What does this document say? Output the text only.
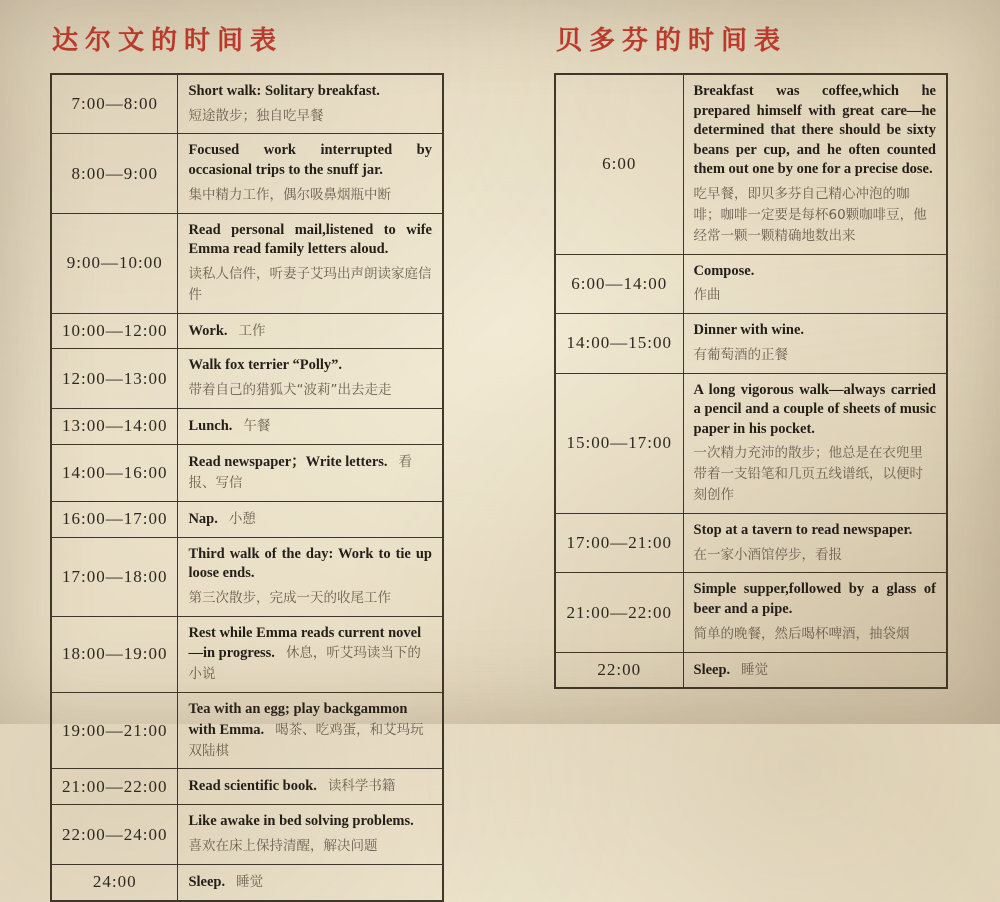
达尔文的时间表
7:00—8:00	Short walk: Solitary breakfast.
短途散步；独自吃早餐

8:00—9:00	Focused work interrupted by occasional trips to the snuff jar.
集中精力工作，偶尔吸鼻烟瓶中断

9:00—10:00	Read personal mail,listened to wife Emma read family letters aloud.
读私人信件，听妻子艾玛出声朗读家庭信件

10:00—12:00	Work. 工作
12:00—13:00	Walk fox terrier “Polly”.
带着自己的猎狐犬“波莉”出去走走

13:00—14:00	Lunch. 午餐
14:00—16:00	Read newspaper；Write letters. 看报、写信
16:00—17:00	Nap. 小憩
17:00—18:00	Third walk of the day: Work to tie up loose ends.
第三次散步，完成一天的收尾工作

18:00—19:00	Rest while Emma reads current novel—in progress. 休息，听艾玛读当下的小说
19:00—21:00	Tea with an egg; play backgammon with Emma. 喝茶、吃鸡蛋，和艾玛玩双陆棋
21:00—22:00	Read scientific book. 读科学书籍
22:00—24:00	Like awake in bed solving problems.
喜欢在床上保持清醒，解决问题

24:00	Sleep. 睡觉
贝多芬的时间表
6:00	Breakfast was coffee,which he prepared himself with great care—he determined that there should be sixty beans per cup, and he often counted them out one by one for a precise dose.
吃早餐，即贝多芬自己精心冲泡的咖啡；咖啡一定要是每杯60颗咖啡豆，他经常一颗一颗精确地数出来

6:00—14:00	Compose.
作曲

14:00—15:00	Dinner with wine.
有葡萄酒的正餐

15:00—17:00	A long vigorous walk—always carried a pencil and a couple of sheets of music paper in his pocket.
一次精力充沛的散步；他总是在衣兜里带着一支铅笔和几页五线谱纸，以便时刻创作

17:00—21:00	Stop at a tavern to read newspaper.
在一家小酒馆停步，看报

21:00—22:00	Simple supper,followed by a glass of beer and a pipe.
简单的晚餐，然后喝杯啤酒，抽袋烟

22:00	Sleep. 睡觉
